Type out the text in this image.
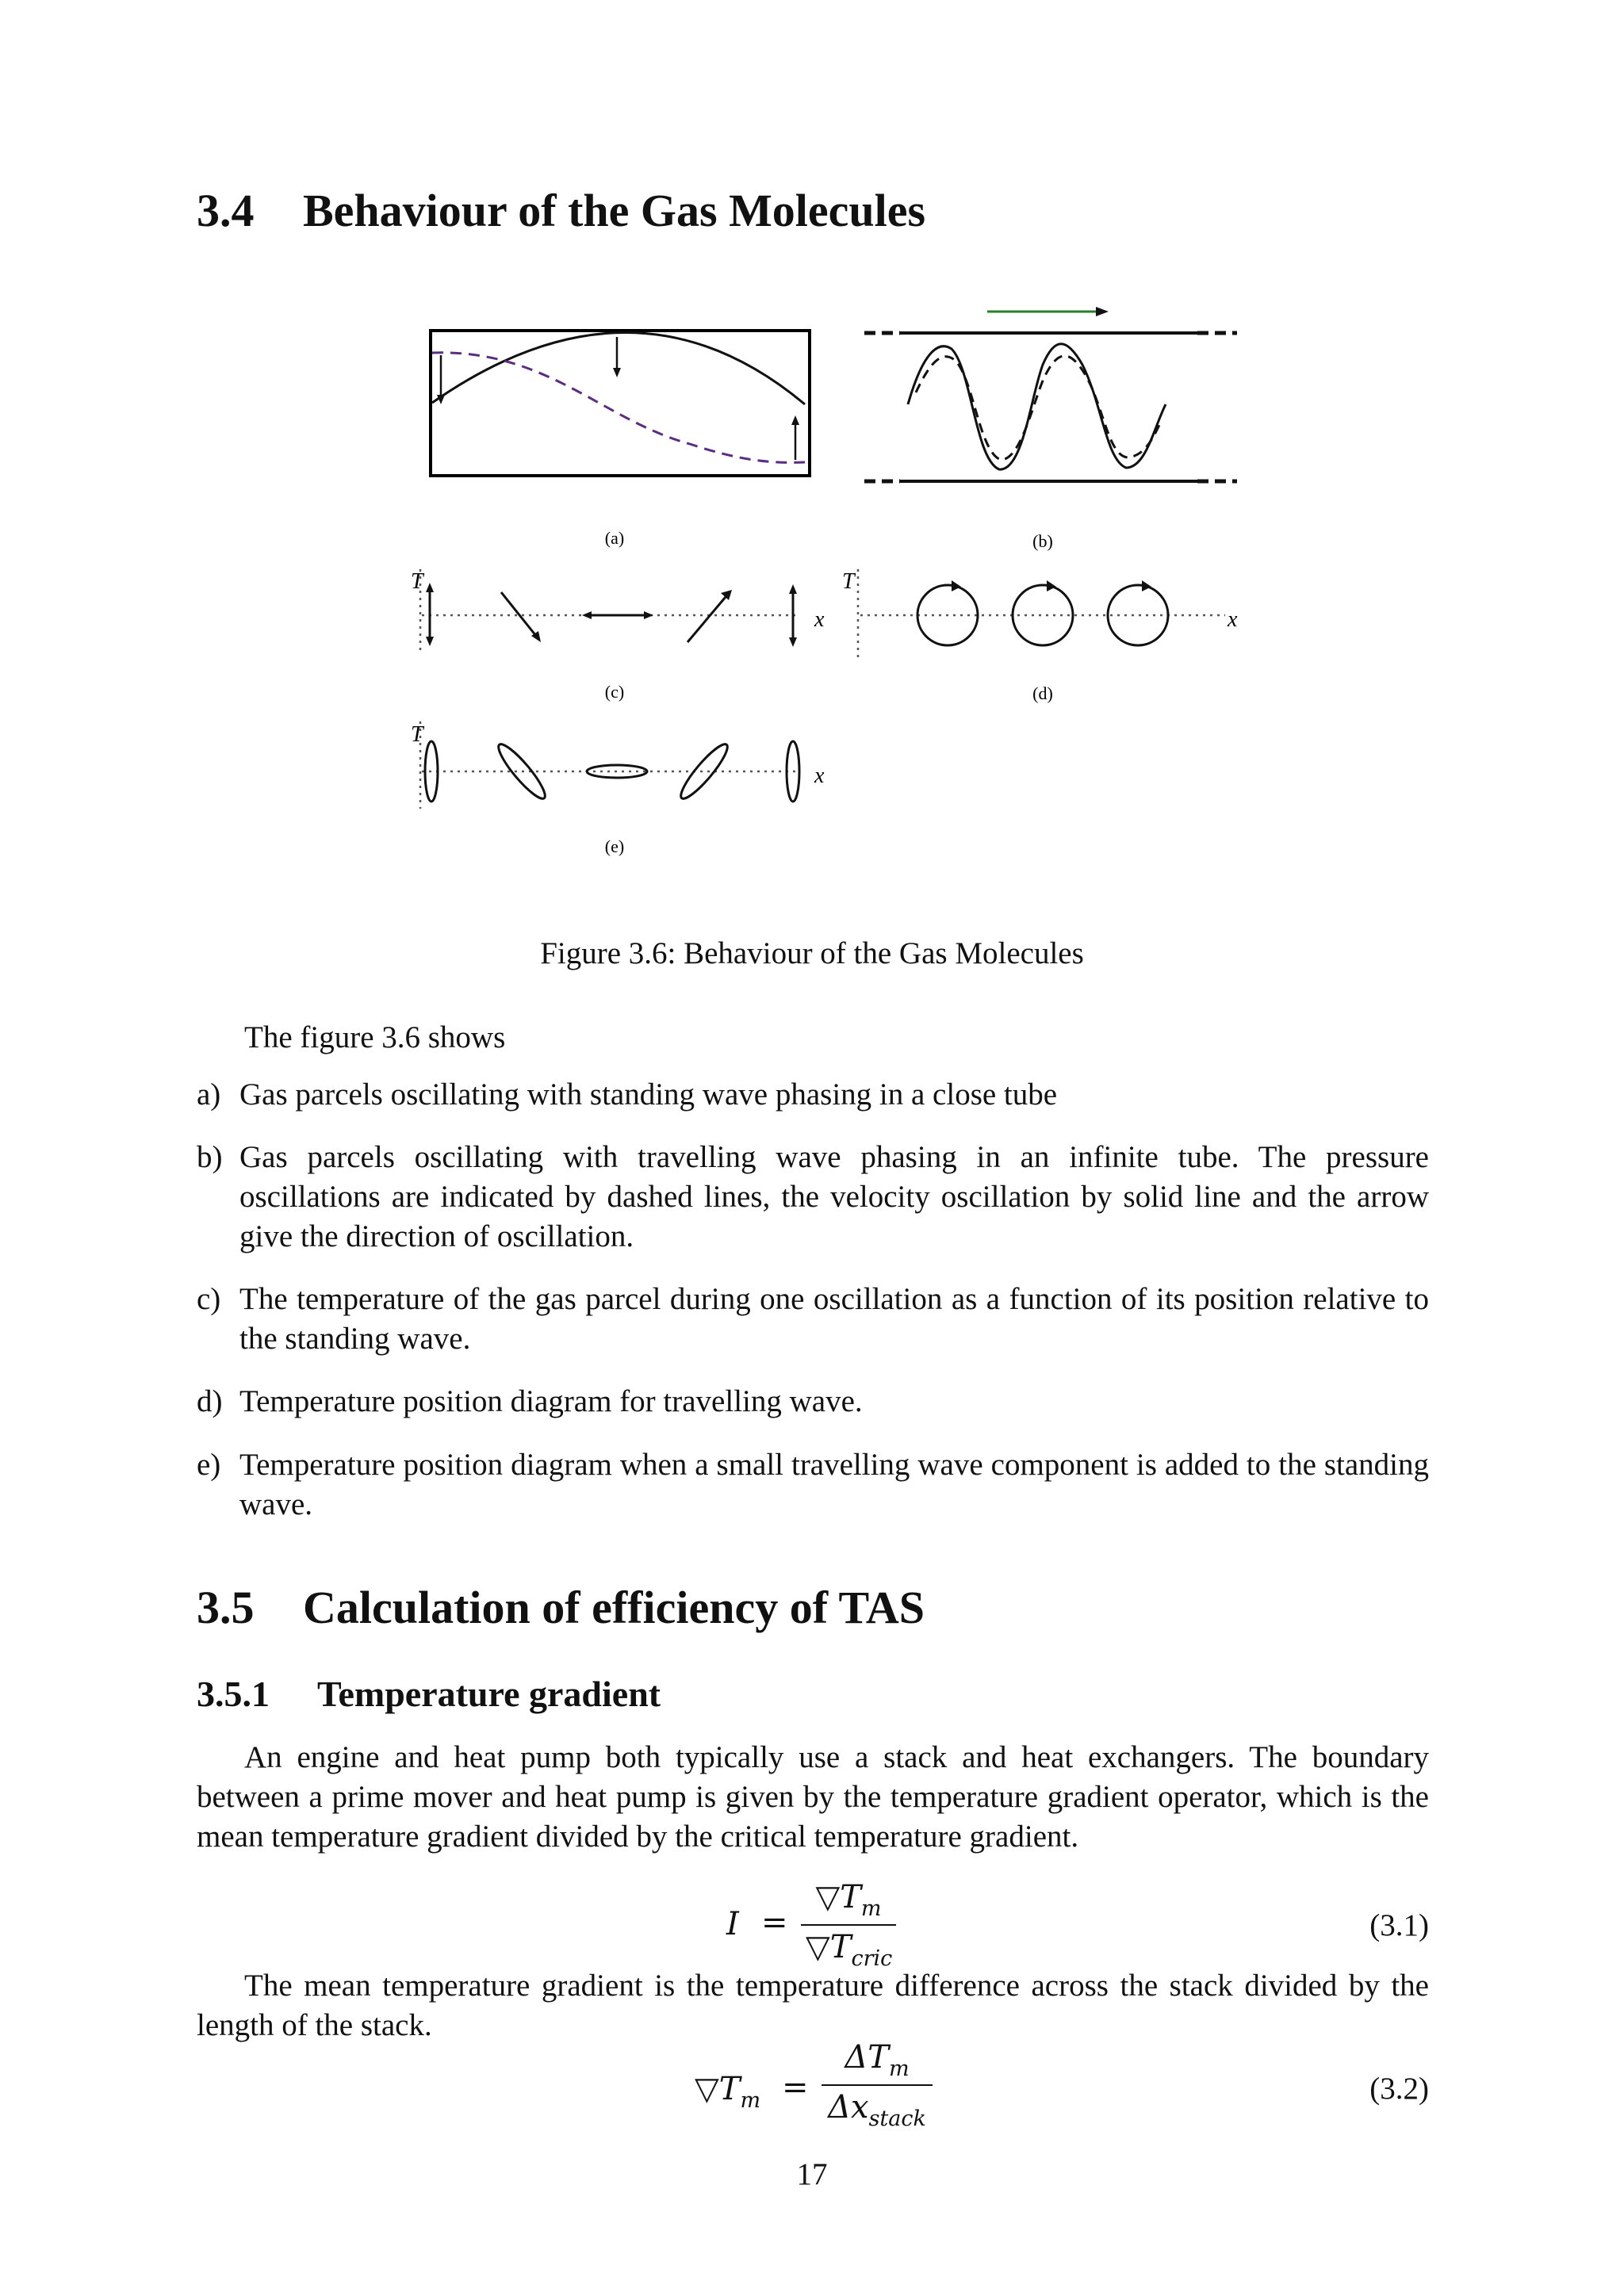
3.4 Behaviour of the Gas Molecules
(a)	(b)
T
x
(c)
T
x
(d)
T
x
(e)
Figure 3.6: Behaviour of the Gas Molecules

The figure 3.6 shows

a) Gas parcels oscillating with standing wave phasing in a close tube
b) Gas parcels oscillating with travelling wave phasing in an infinite tube. The pressure oscillations are indicated by dashed lines, the velocity oscillation by solid line and the arrow give the direction of oscillation.
c) The temperature of the gas parcel during one oscillation as a function of its position relative to the standing wave.
d) Temperature position diagram for travelling wave.
e) Temperature position diagram when a small travelling wave component is added to the standing wave.
3.5 Calculation of efficiency of TAS
3.5.1 Temperature gradient

An engine and heat pump both typically use a stack and heat exchangers. The boundary between a prime mover and heat pump is given by the temperature gradient operator, which is the mean temperature gradient divided by the critical temperature gradient.

I =
$▽T_m$
$▽T_{cric}$
(3.1)

The mean temperature gradient is the temperature difference across the stack divided by the length of the stack.

$▽T_m$ =
$\Delta T_m$
$\Delta x_{stack}$
(3.2)
17
